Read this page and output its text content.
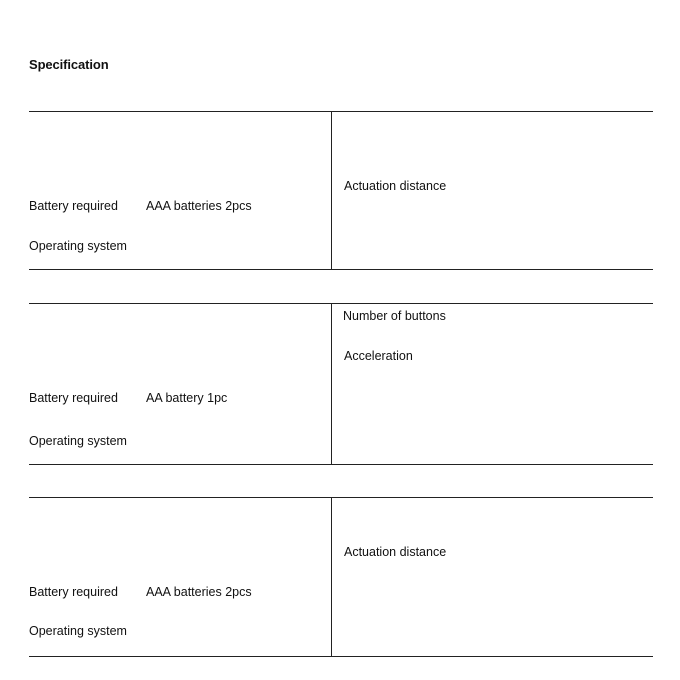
Specification
Battery required AAA batteries 2pcs
Operating system
Actuation distance
Battery required AA battery 1pc
Operating system
Number of buttons
Acceleration
Battery required AAA batteries 2pcs
Operating system
Actuation distance
